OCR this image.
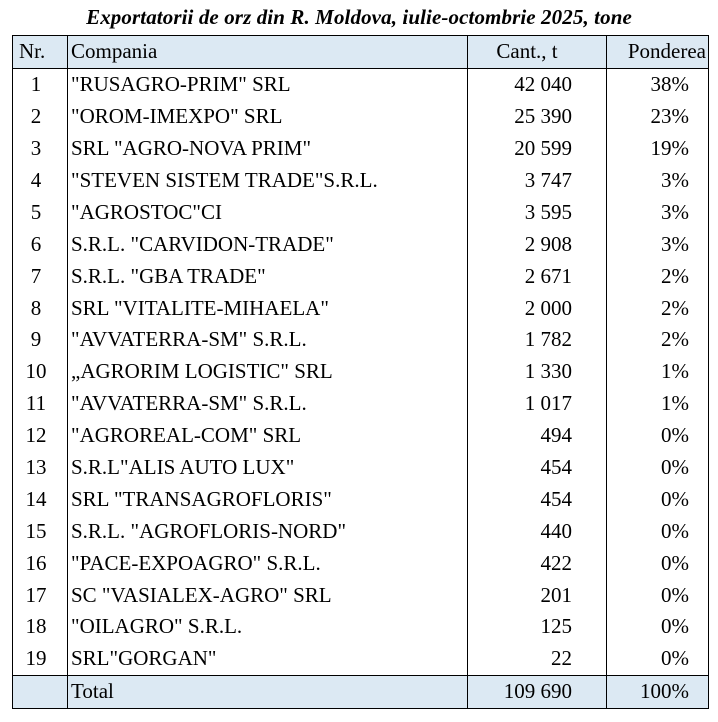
Exportatorii de orz din R. Moldova, iulie-octombrie 2025, tone
Nr.	Compania	Cant., t	Ponderea
1	"RUSAGRO-PRIM" SRL	42 040	38%
2	"OROM-IMEXPO" SRL	25 390	23%
3	SRL "AGRO-NOVA PRIM"	20 599	19%
4	"STEVEN SISTEM TRADE"S.R.L.	3 747	3%
5	"AGROSTOC"CI	3 595	3%
6	S.R.L. "CARVIDON-TRADE"	2 908	3%
7	S.R.L. "GBA TRADE"	2 671	2%
8	SRL "VITALITE-MIHAELA"	2 000	2%
9	"AVVATERRA-SM" S.R.L.	1 782	2%
10	„AGRORIM LOGISTIC" SRL	1 330	1%
11	"AVVATERRA-SM" S.R.L.	1 017	1%
12	"AGROREAL-COM" SRL	494	0%
13	S.R.L"ALIS AUTO LUX"	454	0%
14	SRL "TRANSAGROFLORIS"	454	0%
15	S.R.L. "AGROFLORIS-NORD"	440	0%
16	"PACE-EXPOAGRO" S.R.L.	422	0%
17	SC "VASIALEX-AGRO" SRL	201	0%
18	"OILAGRO" S.R.L.	125	0%
19	SRL"GORGAN"	22	0%
	Total	109 690	100%
